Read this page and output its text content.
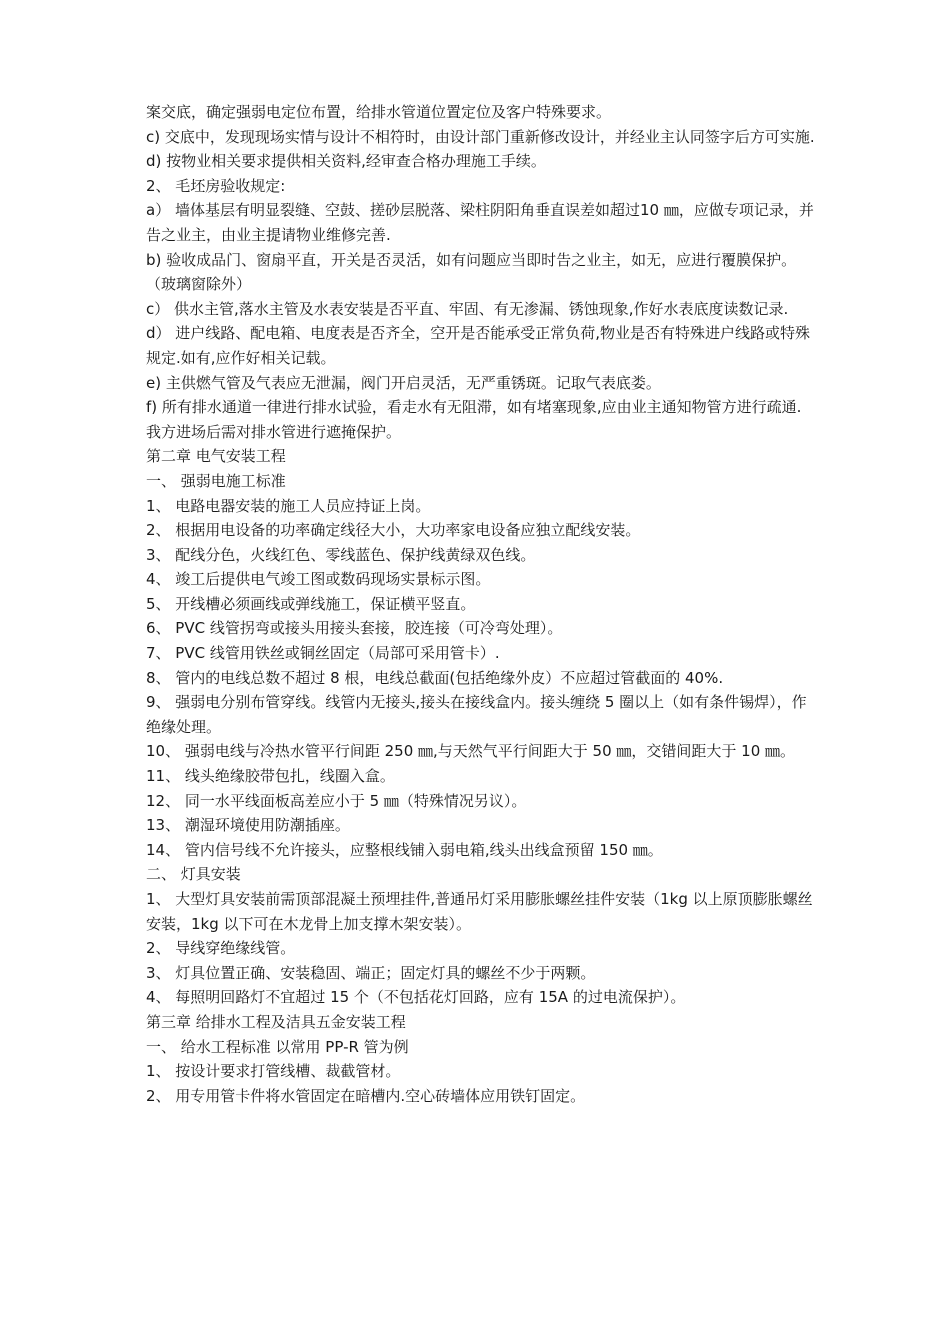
案交底，确定强弱电定位布置，给排水管道位置定位及客户特殊要求。

c) 交底中，发现现场实情与设计不相符时，由设计部门重新修改设计，并经业主认同签字后方可实施.

d) 按物业相关要求提供相关资料,经审查合格办理施工手续。

2、 毛坯房验收规定:

a） 墙体基层有明显裂缝、空鼓、搓砂层脱落、梁柱阴阳角垂直误差如超过10 ㎜，应做专项记录，并告之业主，由业主提请物业维修完善.

b) 验收成品门、窗扇平直，开关是否灵活，如有问题应当即时告之业主，如无，应进行覆膜保护。（玻璃窗除外）

c） 供水主管,落水主管及水表安装是否平直、牢固、有无渗漏、锈蚀现象,作好水表底度读数记录.

d） 进户线路、配电箱、电度表是否齐全，空开是否能承受正常负荷,物业是否有特殊进户线路或特殊规定.如有,应作好相关记载。

e) 主供燃气管及气表应无泄漏，阀门开启灵活，无严重锈斑。记取气表底娄。

f) 所有排水通道一律进行排水试验，看走水有无阻滞，如有堵塞现象,应由业主通知物管方进行疏通.我方进场后需对排水管进行遮掩保护。

第二章 电气安装工程

一、 强弱电施工标准

1、 电路电器安装的施工人员应持证上岗。

2、 根据用电设备的功率确定线径大小，大功率家电设备应独立配线安装。

3、 配线分色，火线红色、零线蓝色、保护线黄绿双色线。

4、 竣工后提供电气竣工图或数码现场实景标示图。

5、 开线槽必须画线或弹线施工，保证横平竖直。

6、 PVC 线管拐弯或接头用接头套接，胶连接（可冷弯处理）。

7、 PVC 线管用铁丝或铜丝固定（局部可采用管卡）.

8、 管内的电线总数不超过 8 根，电线总截面(包括绝缘外皮）不应超过管截面的 40%.

9、 强弱电分别布管穿线。线管内无接头,接头在接线盒内。接头缠绕 5 圈以上（如有条件锡焊），作绝缘处理。

10、 强弱电线与冷热水管平行间距 250 ㎜,与天然气平行间距大于 50 ㎜，交错间距大于 10 ㎜。

11、 线头绝缘胶带包扎，线圈入盒。

12、 同一水平线面板高差应小于 5 ㎜（特殊情况另议）。

13、 潮湿环境使用防潮插座。

14、 管内信号线不允许接头，应整根线铺入弱电箱,线头出线盒预留 150 ㎜。

二、 灯具安装

1、 大型灯具安装前需顶部混凝土预埋挂件,普通吊灯采用膨胀螺丝挂件安装（1kg 以上原顶膨胀螺丝安装，1kg 以下可在木龙骨上加支撑木架安装）。

2、 导线穿绝缘线管。

3、 灯具位置正确、安装稳固、端正；固定灯具的螺丝不少于两颗。

4、 每照明回路灯不宜超过 15 个（不包括花灯回路，应有 15A 的过电流保护）。

第三章 给排水工程及洁具五金安装工程

一、 给水工程标准 以常用 PP-R 管为例

1、 按设计要求打管线槽、裁截管材。

2、 用专用管卡件将水管固定在暗槽内.空心砖墙体应用铁钉固定。
